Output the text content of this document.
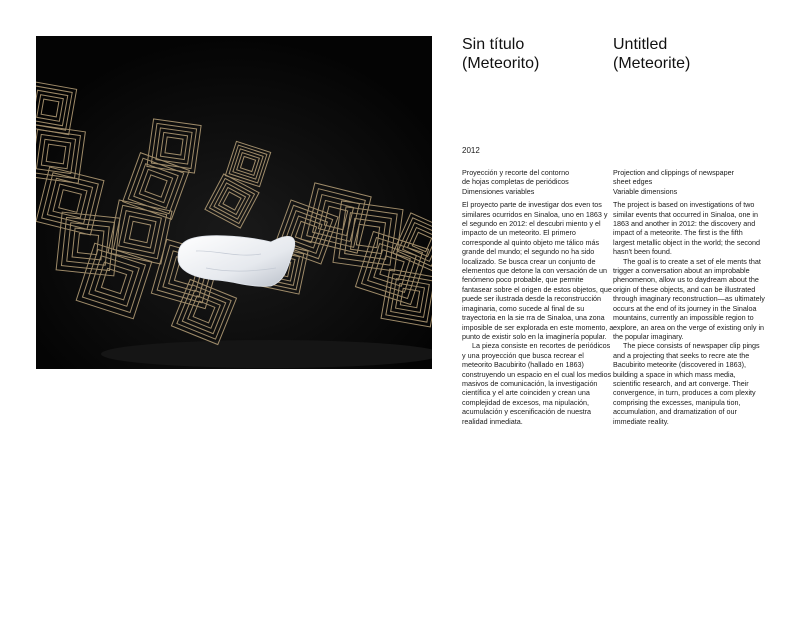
Sin título
(Meteorito)
Untitled
(Meteorite)
2012

Proyección y recorte del contorno

de hojas completas de periódicos

Dimensiones variables

El proyecto parte de investigar dos even tos similares ocurridos en Sinaloa, uno en 1863 y el segundo en 2012: el descubri miento y el impacto de un meteorito. El primero corresponde al quinto objeto me tálico más grande del mundo; el segundo no ha sido localizado. Se busca crear un conjunto de elementos que detone la con versación de un fenómeno poco probable, que permite fantasear sobre el origen de estos objetos, que puede ser ilustrada desde la reconstrucción imaginaria, como sucede al final de su trayectoria en la sie rra de Sinaloa, una zona imposible de ser explorada en este momento, a punto de existir solo en la imaginería popular.

La pieza consiste en recortes de periódicos y una proyección que busca recrear el meteorito Bacubirito (hallado en 1863) construyendo un espacio en el cual los medios masivos de comunicación, la investigación científica y el arte coinciden y crean una complejidad de excesos, ma nipulación, acumulación y escenificación de nuestra realidad inmediata.

Projection and clippings of newspaper

sheet edges

Variable dimensions

The project is based on investigations of two similar events that occurred in Sinaloa, one in 1863 and another in 2012: the discovery and impact of a meteorite. The first is the fifth largest metallic object in the world; the second hasn't been found.

The goal is to create a set of ele ments that trigger a conversation about an improbable phenomenon, allow us to daydream about the origin of these objects, and can be illustrated through imaginary reconstruction—as ultimately occurs at the end of its journey in the Sinaloa mountains, currently an impossible region to explore, an area on the verge of existing only in the popular imaginary.

The piece consists of newspaper clip pings and a projecting that seeks to recre ate the Bacubirito meteorite (discovered in 1863), building a space in which mass media, scientific research, and art converge. Their convergence, in turn, produces a com plexity comprising the excesses, manipula tion, accumulation, and dramatization of our immediate reality.
